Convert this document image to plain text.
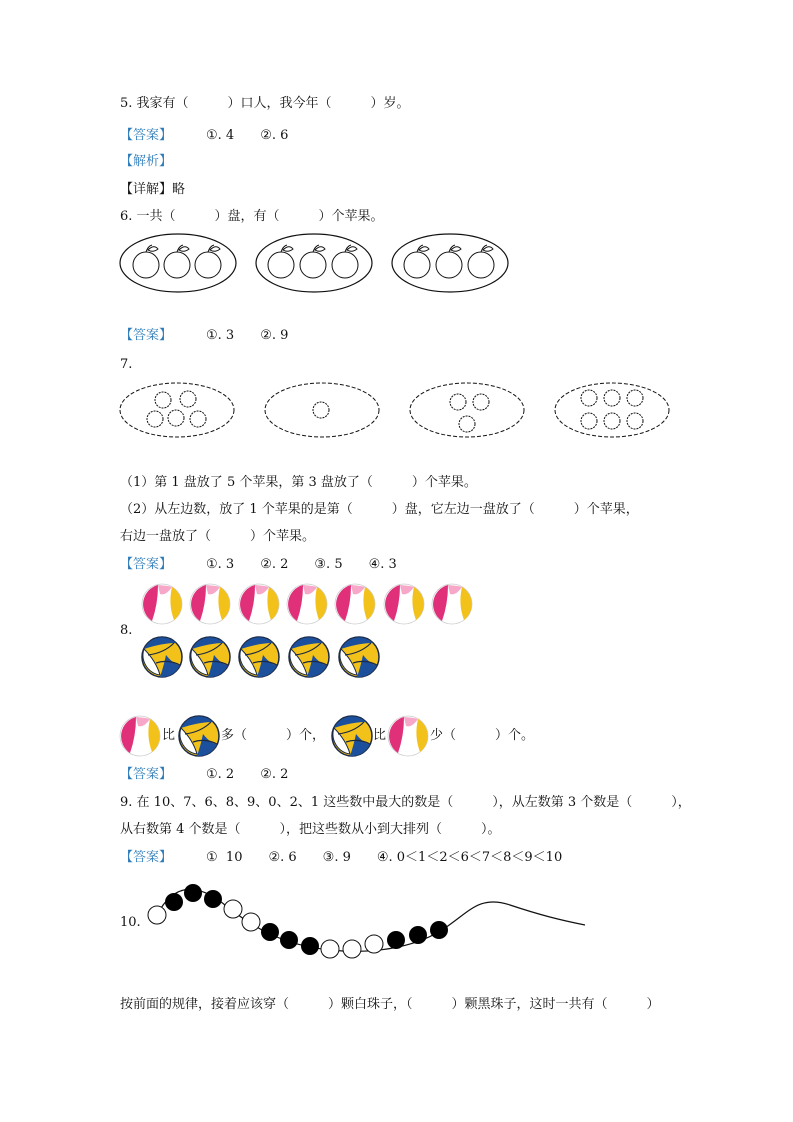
5. 我家有（　　　）口人，我今年（　　　）岁。
【答案】	①. 4　　②. 6
【解析】
【详解】略
6. 一共（　　　）盘，有（　　　）个苹果。
【答案】	①. 3　　②. 9
7.
（1）第 1 盘放了 5 个苹果，第 3 盘放了（　　　）个苹果。
（2）从左边数，放了 1 个苹果的是第（　　　）盘，它左边一盘放了（　　　）个苹果，
右边一盘放了（　　　）个苹果。
【答案】	①. 3　　②. 2　　③. 5　　④. 3
8.
比	多（　　　）个，	比	少（　　　）个。
【答案】	①. 2　　②. 2
9. 在 10、7、6、8、9、0、2、1 这些数中最大的数是（　　　），从左数第 3 个数是（　　　），
从右数第 4 个数是（　　　），把这些数从小到大排列（　　　）。
【答案】	①  10　　②. 6　　③. 9　　④. 0＜1＜2＜6＜7＜8＜9＜10
10.
按前面的规律，接着应该穿（　　　）颗白珠子，（　　　）颗黑珠子，这时一共有（　　　）
